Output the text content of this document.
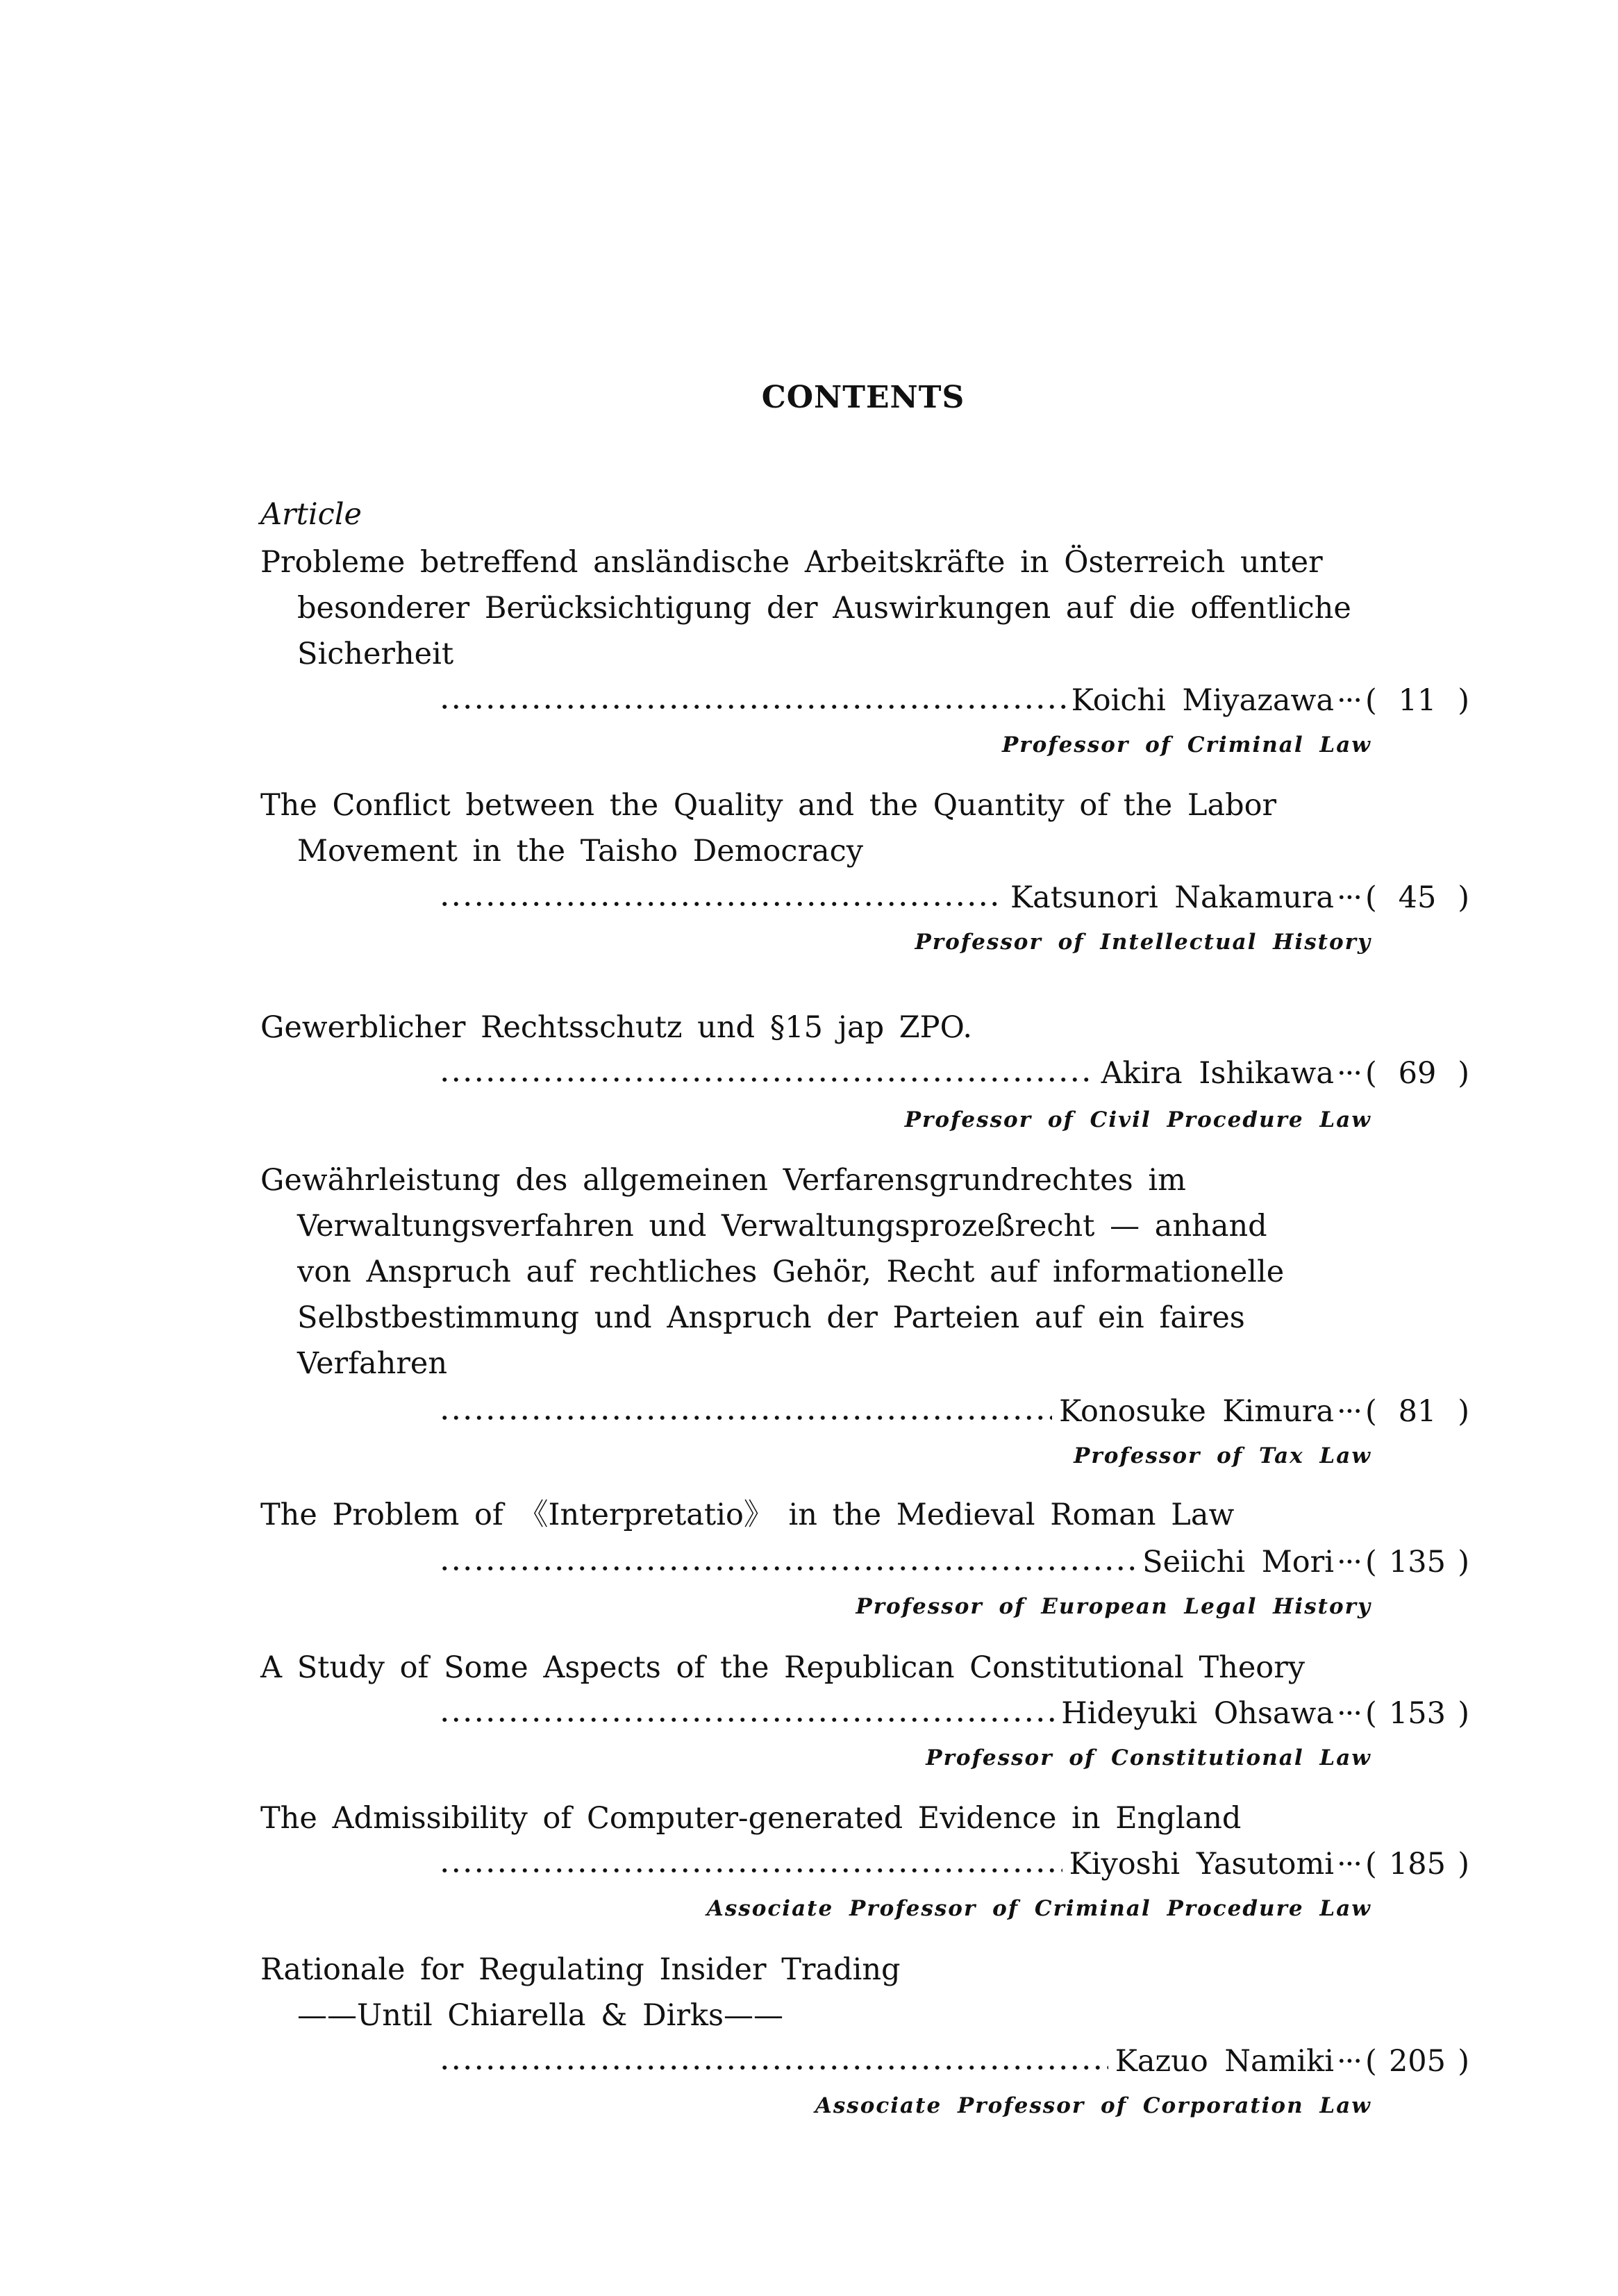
CONTENTS
Article
Probleme betreffend ansländische Arbeitskräfte in Österreich unter
besonderer Berücksichtigung der Auswirkungen auf die offentliche
Sicherheit
Koichi Miyazawa ··· ( 11 )
Professor of Criminal Law
The Conflict between the Quality and the Quantity of the Labor
Movement in the Taisho Democracy
Katsunori Nakamura ··· ( 45 )
Professor of Intellectual History
Gewerblicher Rechtsschutz und §15 jap ZPO.
Akira Ishikawa ··· ( 69 )
Professor of Civil Procedure Law
Gewährleistung des allgemeinen Verfarensgrundrechtes im
Verwaltungsverfahren und Verwaltungsprozeßrecht — anhand
von Anspruch auf rechtliches Gehör, Recht auf informationelle
Selbstbestimmung und Anspruch der Parteien auf ein faires
Verfahren
Konosuke Kimura ··· ( 81 )
Professor of Tax Law
The Problem of 《Interpretatio》 in the Medieval Roman Law
Seiichi Mori ··· ( 135 )
Professor of European Legal History
A Study of Some Aspects of the Republican Constitutional Theory
Hideyuki Ohsawa ··· ( 153 )
Professor of Constitutional Law
The Admissibility of Computer-generated Evidence in England
Kiyoshi Yasutomi ··· ( 185 )
Associate Professor of Criminal Procedure Law
Rationale for Regulating Insider Trading
——Until Chiarella & Dirks——
Kazuo Namiki ··· ( 205 )
Associate Professor of Corporation Law
